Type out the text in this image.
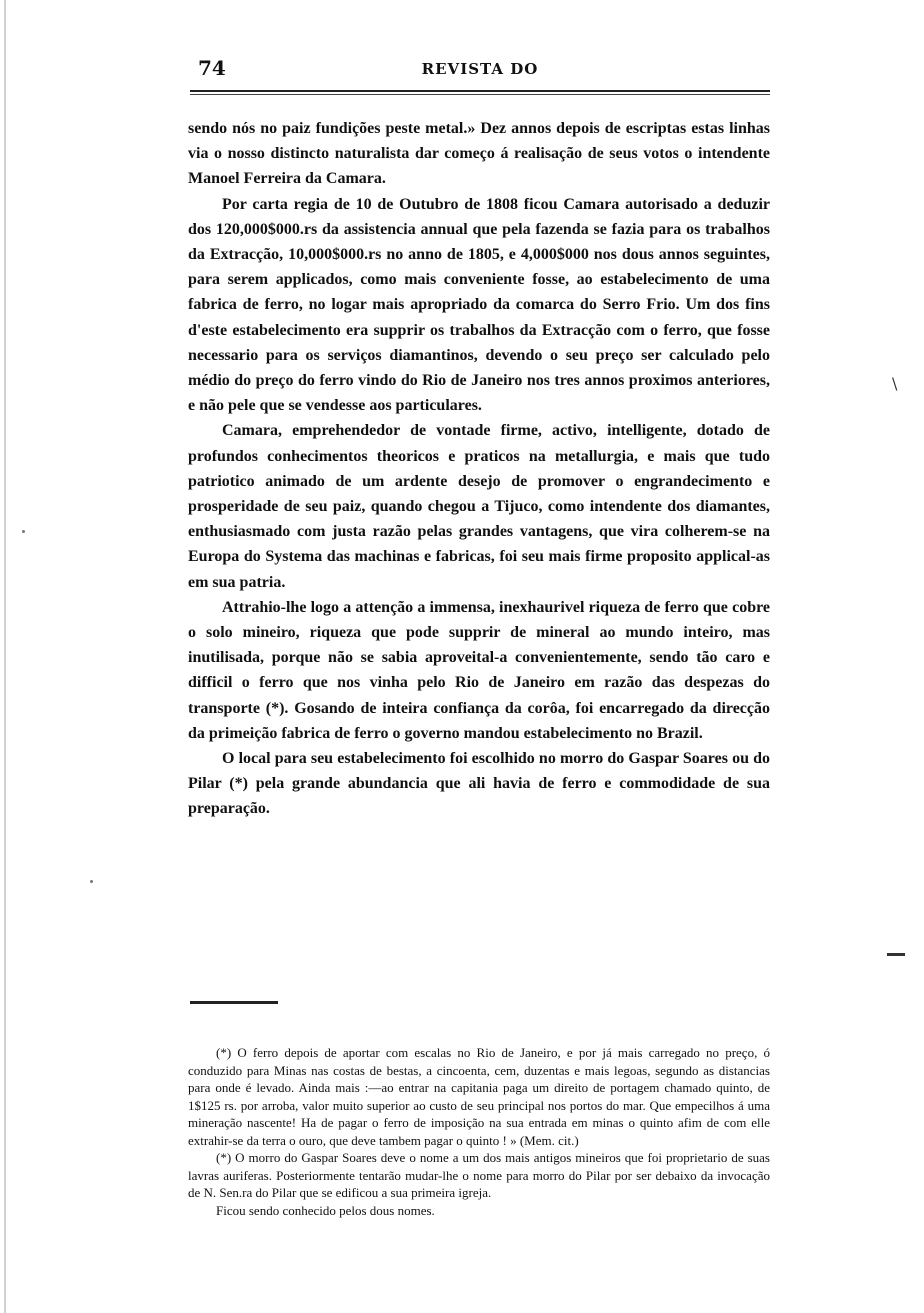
74	REVISTA DO

sendo nós no paiz fundições peste metal.» Dez annos depois de escriptas estas linhas via o nosso distincto naturalista dar começo á realisação de seus votos o intendente Manoel Ferreira da Camara.

Por carta regia de 10 de Outubro de 1808 ficou Camara autorisado a deduzir dos 120,000$000.rs da assistencia annual que pela fazenda se fazia para os trabalhos da Extracção, 10,000$000.rs no anno de 1805, e 4,000$000 nos dous annos seguintes, para serem applicados, como mais conveniente fosse, ao estabelecimento de uma fabrica de ferro, no logar mais apropriado da comarca do Serro Frio. Um dos fins d'este estabelecimento era supprir os trabalhos da Extracção com o ferro, que fosse necessario para os serviços diamantinos, devendo o seu preço ser calculado pelo médio do preço do ferro vindo do Rio de Janeiro nos tres annos proximos anteriores, e não pele que se vendesse aos particulares.

Camara, emprehendedor de vontade firme, activo, intelligente, dotado de profundos conhecimentos theoricos e praticos na metallurgia, e mais que tudo patriotico animado de um ardente desejo de promover o engrandecimento e prosperidade de seu paiz, quando chegou a Tijuco, como intendente dos diamantes, enthusiasmado com justa razão pelas grandes vantagens, que vira colherem-se na Europa do Systema das machinas e fabricas, foi seu mais firme proposito applical-as em sua patria.

Attrahio-lhe logo a attenção a immensa, inexhaurivel riqueza de ferro que cobre o solo mineiro, riqueza que pode supprir de mineral ao mundo inteiro, mas inutilisada, porque não se sabia aproveital-a convenientemente, sendo tão caro e difficil o ferro que nos vinha pelo Rio de Janeiro em razão das despezas do transporte (*). Gosando de inteira confiança da corôa, foi encarregado da direcção da primeição fabrica de ferro o governo mandou estabelecimento no Brazil.

O local para seu estabelecimento foi escolhido no morro do Gaspar Soares ou do Pilar (*) pela grande abundancia que ali havia de ferro e commodidade de sua preparação.

(*) O ferro depois de aportar com escalas no Rio de Janeiro, e por já mais carregado no preço, ó conduzido para Minas nas costas de bestas, a cincoenta, cem, duzentas e mais legoas, segundo as distancias para onde é levado. Ainda mais :—ao entrar na capitania paga um direito de portagem chamado quinto, de 1$125 rs. por arroba, valor muito superior ao custo de seu principal nos portos do mar. Que empecilhos á uma mineração nascente! Ha de pagar o ferro de imposição na sua entrada em minas o quinto afim de com elle extrahir-se da terra o ouro, que deve tambem pagar o quinto ! » (Mem. cit.)

(*) O morro do Gaspar Soares deve o nome a um dos mais antigos mineiros que foi proprietario de suas lavras auriferas. Posteriormente tentarão mudar-lhe o nome para morro do Pilar por ser debaixo da invocação de N. Sen.ra do Pilar que se edificou a sua primeira igreja.

Ficou sendo conhecido pelos dous nomes.

\
